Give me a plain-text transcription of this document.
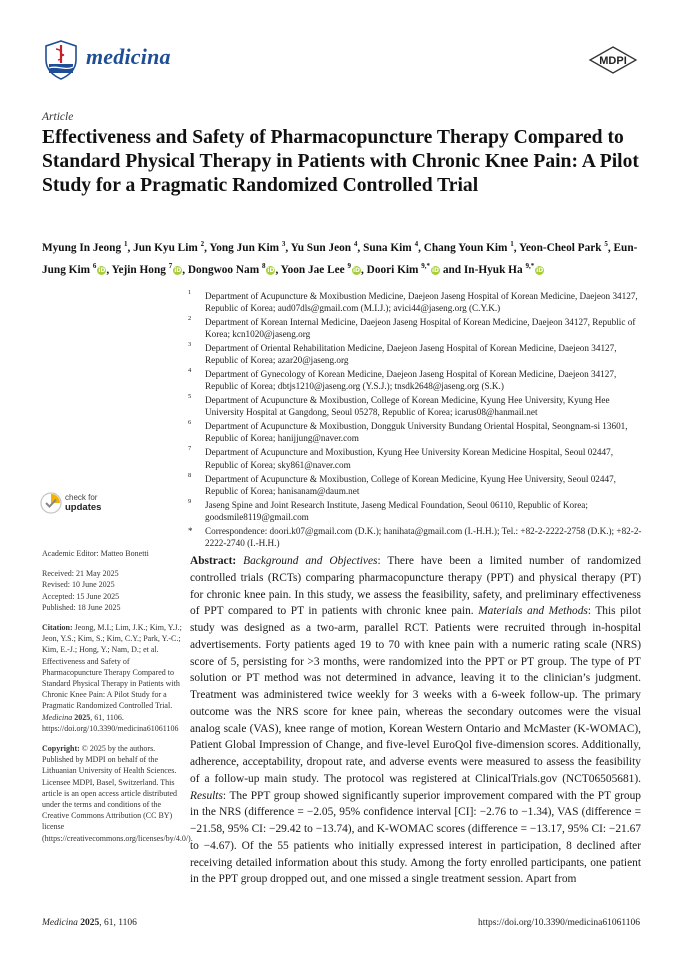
medicina	MDPI
Article
Effectiveness and Safety of Pharmacopuncture Therapy Compared to Standard Physical Therapy in Patients with Chronic Knee Pain: A Pilot Study for a Pragmatic Randomized Controlled Trial
Myung In Jeong $^1$, Jun Kyu Lim $^2$, Yong Jun Kim $^3$, Yu Sun Jeon $^4$, Suna Kim $^4$, Chang Youn Kim $^1$, Yeon-Cheol Park $^5$, Eun-Jung Kim $^6$iD, Yejin Hong $^7$iD, Dongwoo Nam $^8$iD, Yoon Jae Lee $^9$iD, Doori Kim $^{9,*}$iD and In-Hyuk Ha $^{9,*}$iD
1 Department of Acupuncture & Moxibustion Medicine, Daejeon Jaseng Hospital of Korean Medicine, Daejeon 34127, Republic of Korea; aud07dls@gmail.com (M.I.J.); avici44@jaseng.org (C.Y.K.)
2 Department of Korean Internal Medicine, Daejeon Jaseng Hospital of Korean Medicine, Daejeon 34127, Republic of Korea; kcn1020@jaseng.org
3 Department of Oriental Rehabilitation Medicine, Daejeon Jaseng Hospital of Korean Medicine, Daejeon 34127, Republic of Korea; azar20@jaseng.org
4 Department of Gynecology of Korean Medicine, Daejeon Jaseng Hospital of Korean Medicine, Daejeon 34127, Republic of Korea; dbtjs1210@jaseng.org (Y.S.J.); tnsdk2648@jaseng.org (S.K.)
5 Department of Acupuncture & Moxibustion, College of Korean Medicine, Kyung Hee University, Kyung Hee University Hospital at Gangdong, Seoul 05278, Republic of Korea; icarus08@hanmail.net
6 Department of Acupuncture & Moxibustion, Dongguk University Bundang Oriental Hospital, Seongnam-si 13601, Republic of Korea; hanijjung@naver.com
7 Department of Acupuncture and Moxibustion, Kyung Hee University Korean Medicine Hospital, Seoul 02447, Republic of Korea; sky861@naver.com
8 Department of Acupuncture & Moxibustion, College of Korean Medicine, Kyung Hee University, Seoul 02447, Republic of Korea; hanisanam@daum.net
9 Jaseng Spine and Joint Research Institute, Jaseng Medical Foundation, Seoul 06110, Republic of Korea; goodsmile8119@gmail.com
* Correspondence: doori.k07@gmail.com (D.K.); hanihata@gmail.com (I.-H.H.); Tel.: +82-2-2222-2758 (D.K.); +82-2-2222-2740 (I.-H.H.)
check for
updates
Academic Editor: Matteo Bonetti
Received: 21 May 2025
Revised: 10 June 2025
Accepted: 15 June 2025
Published: 18 June 2025
Citation: Jeong, M.I.; Lim, J.K.; Kim, Y.J.; Jeon, Y.S.; Kim, S.; Kim, C.Y.; Park, Y.-C.; Kim, E.-J.; Hong, Y.; Nam, D.; et al. Effectiveness and Safety of Pharmacopuncture Therapy Compared to Standard Physical Therapy in Patients with Chronic Knee Pain: A Pilot Study for a Pragmatic Randomized Controlled Trial. Medicina 2025, 61, 1106. https://doi.org/10.3390/medicina61061106
Copyright: © 2025 by the authors. Published by MDPI on behalf of the Lithuanian University of Health Sciences. Licensee MDPI, Basel, Switzerland. This article is an open access article distributed under the terms and conditions of the Creative Commons Attribution (CC BY) license (https://creativecommons.org/licenses/by/4.0/).
Abstract: Background and Objectives: There have been a limited number of randomized controlled trials (RCTs) comparing pharmacopuncture therapy (PPT) and physical therapy (PT) for chronic knee pain. In this study, we assess the feasibility, safety, and preliminary effectiveness of PPT compared to PT in patients with chronic knee pain. Materials and Methods: This pilot study was designed as a two-arm, parallel RCT. Patients were recruited through in-hospital advertisements. Forty patients aged 19 to 70 with knee pain with a numeric rating scale (NRS) score of 5, persisting for >3 months, were randomized into the PPT or PT group. The type of PT solution or PT method was not determined in advance, leaving it to the clinician’s judgment. Treatment was administered twice weekly for 3 weeks with a 6-week follow-up. The primary outcome was the NRS score for knee pain, whereas the secondary outcomes were the visual analog scale (VAS), knee range of motion, Korean Western Ontario and McMaster (K-WOMAC), Patient Global Impression of Change, and five-level EuroQol five-dimension scores. Additionally, adherence, acceptability, dropout rate, and adverse events were measured to assess the feasibility of a follow-up main study. The protocol was registered at ClinicalTrials.gov (NCT06505681). Results: The PPT group showed significantly superior improvement compared with the PT group in the NRS (difference = −2.05, 95% confidence interval [CI]: −2.76 to −1.34), VAS (difference = −21.58, 95% CI: −29.42 to −13.74), and K-WOMAC scores (difference = −13.17, 95% CI: −21.67 to −4.67). Of the 55 patients who initially expressed interest in participation, 8 declined after receiving detailed information about this study. Among the forty enrolled participants, one patient in the PPT group dropped out, and one missed a single treatment session. Apart from
Medicina 2025, 61, 1106	https://doi.org/10.3390/medicina61061106
